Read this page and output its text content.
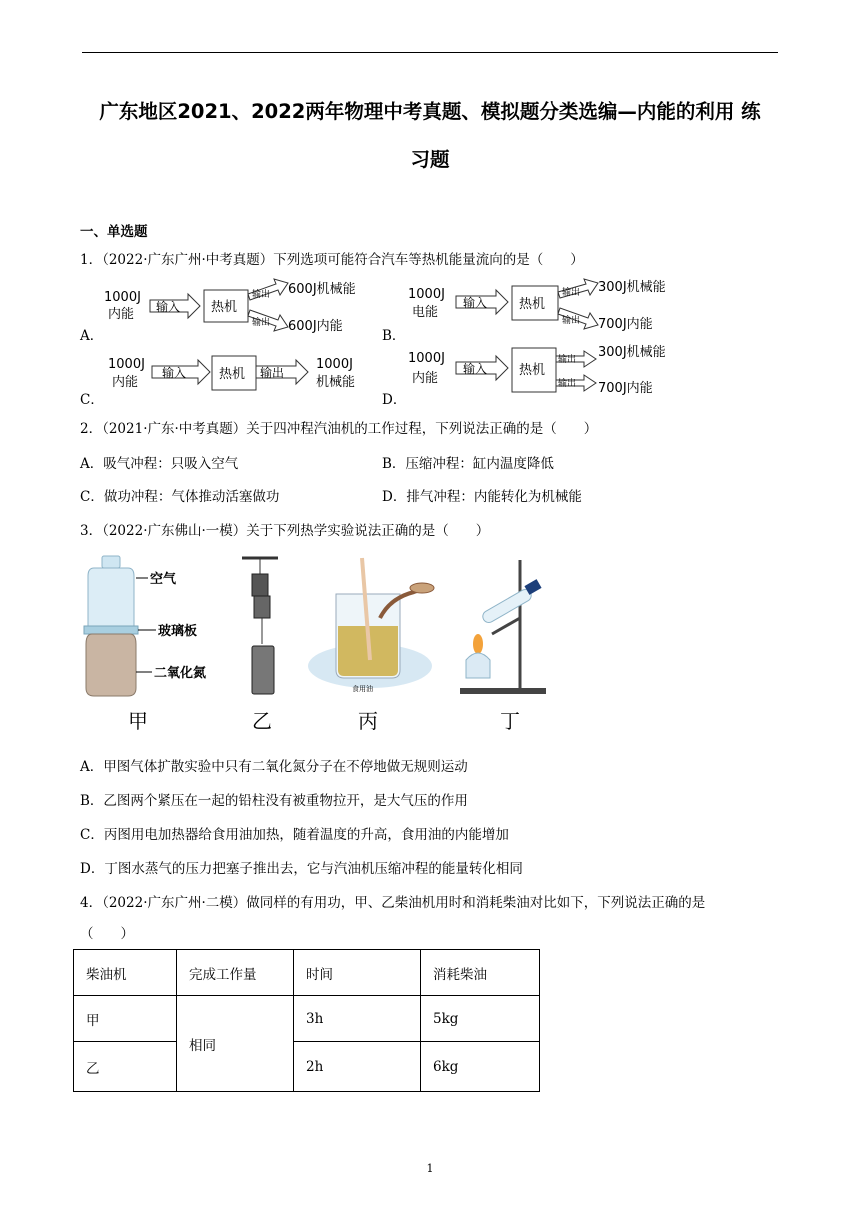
广东地区2021、2022两年物理中考真题、模拟题分类选编—内能的利用 练
习题
一、单选题
1．（2022·广东广州·中考真题）下列选项可能符合汽车等热机能量流向的是（　　）
A．	B．
C．	D．
1000J
内能 输入 热机
输出
输出
600J机械能
600J内能
1000J
电能
输入 热机
输出
输出
300J机械能
700J内能
1000J
内能
输入	热机 输出
1000J
机械能
1000J
内能
输入 热机
输出
输出
300J机械能
700J内能
2．（2021·广东·中考真题）关于四冲程汽油机的工作过程，下列说法正确的是（　　）
A．吸气冲程：只吸入空气	B．压缩冲程：缸内温度降低
C．做功冲程：气体推动活塞做功	D．排气冲程：内能转化为机械能
3．（2022·广东佛山·一模）关于下列热学实验说法正确的是（　　）
空气
玻璃板
二氧化氮
食用油
甲	乙	丙	丁
A．甲图气体扩散实验中只有二氧化氮分子在不停地做无规则运动
B．乙图两个紧压在一起的铅柱没有被重物拉开，是大气压的作用
C．丙图用电加热器给食用油加热，随着温度的升高，食用油的内能增加
D．丁图水蒸气的压力把塞子推出去，它与汽油机压缩冲程的能量转化相同
4．（2022·广东广州·二模）做同样的有用功，甲、乙柴油机用时和消耗柴油对比如下，下列说法正确的是
（　　）
柴油机	完成工作量	时间	消耗柴油
甲	相同	3h	5kg
乙		2h	6kg
1
